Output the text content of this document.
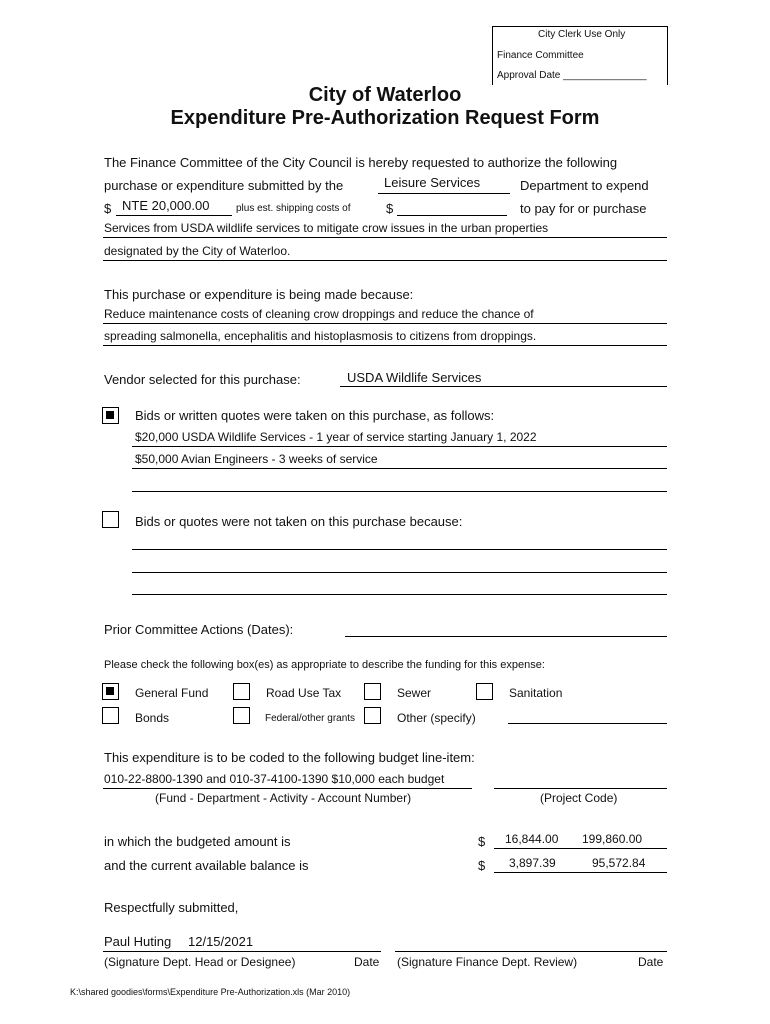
City Clerk Use Only
Finance Committee
Approval Date _______________
City of Waterloo
Expenditure Pre-Authorization Request Form
The Finance Committee of the City Council is hereby requested to authorize the following
purchase or expenditure submitted by the	Leisure Services	Department to expend
$ NTE 20,000.00	plus est. shipping costs of	$	to pay for or purchase
Services from USDA wildlife services to mitigate crow issues in the urban properties
designated by the City of Waterloo.
This purchase or expenditure is being made because:
Reduce maintenance costs of cleaning crow droppings and reduce the chance of
spreading salmonella, encephalitis and histoplasmosis to citizens from droppings.
Vendor selected for this purchase:	USDA Wildlife Services
Bids or written quotes were taken on this purchase, as follows:
$20,000 USDA Wildlife Services - 1 year of service starting January 1, 2022
$50,000 Avian Engineers - 3 weeks of service
Bids or quotes were not taken on this purchase because:
Prior Committee Actions (Dates):
Please check the following box(es) as appropriate to describe the funding for this expense:
General Fund	Road Use Tax	Sewer	Sanitation
Bonds	Federal/other grants	Other (specify)
This expenditure is to be coded to the following budget line-item:
010-22-8800-1390 and 010-37-4100-1390 $10,000 each budget
(Fund - Department - Activity - Account Number)	(Project Code)
in which the budgeted amount is	$ 16,844.00 199,860.00
and the current available balance is	$ 3,897.39	95,572.84
Respectfully submitted,
Paul Huting 12/15/2021
(Signature Dept. Head or Designee)	Date (Signature Finance Dept. Review)	Date
K:\shared goodies\forms\Expenditure Pre-Authorization.xls (Mar 2010)
